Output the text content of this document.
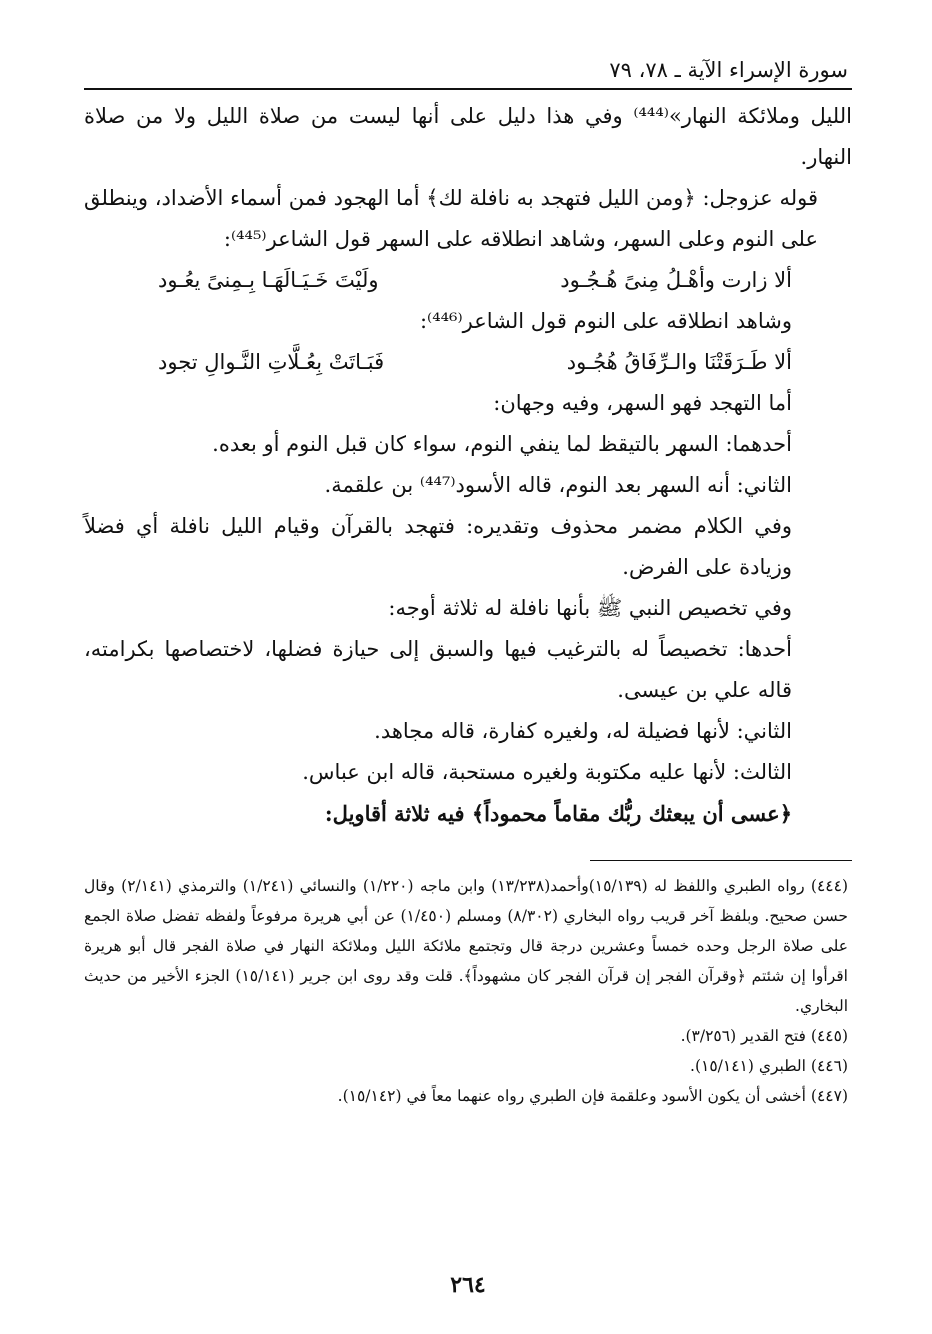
سورة الإسراء الآية ـ ٧٨، ٧٩

الليل وملائكة النهار»⁽⁴⁴⁴⁾ وفي هذا دليل على أنها ليست من صلاة الليل ولا من صلاة النهار.

قوله عزوجل: ﴿ومن الليل فتهجد به نافلة لك﴾ أما الهجود فمن أسماء الأضداد، وينطلق على النوم وعلى السهر، وشاهد انطلاقه على السهر قول الشاعر⁽⁴⁴⁵⁾:

ألا زارت وأهْـلُ مِنىً هُـجُـود
ولَيْتَ خَـيَـالَهَـا بِـمِنىً يعُـود

وشاهد انطلاقه على النوم قول الشاعر⁽⁴⁴⁶⁾:

ألا طَـرَقَتْنَا والـرِّفَاقُ هُجُـود
فَبَـاتَتْ بِعُـلَّاتِ النَّـوالِ تجود

أما التهجد فهو السهر، وفيه وجهان:

أحدهما: السهر بالتيقظ لما ينفي النوم، سواء كان قبل النوم أو بعده.

الثاني: أنه السهر بعد النوم، قاله الأسود⁽⁴⁴⁷⁾ بن علقمة.

وفي الكلام مضمر محذوف وتقديره: فتهجد بالقرآن وقيام الليل نافلة أي فضلاً وزيادة على الفرض.

وفي تخصيص النبي ﷺ بأنها نافلة له ثلاثة أوجه:

أحدها: تخصيصاً له بالترغيب فيها والسبق إلى حيازة فضلها، لاختصاصها بكرامته، قاله علي بن عيسى.

الثاني: لأنها فضيلة له، ولغيره كفارة، قاله مجاهد.

الثالث: لأنها عليه مكتوبة ولغيره مستحبة، قاله ابن عباس.

﴿عسى أن يبعثك ربُّك مقاماً محموداً﴾ فيه ثلاثة أقاويل:

(٤٤٤) رواه الطبري واللفظ له (١٥/١٣٩)وأحمد(١٣/٢٣٨) وابن ماجه (١/٢٢٠) والنسائي (١/٢٤١) والترمذي (٢/١٤١) وقال حسن صحيح. وبلفظ آخر قريب رواه البخاري (٨/٣٠٢) ومسلم (١/٤٥٠) عن أبي هريرة مرفوعاً ولفظه تفضل صلاة الجمع على صلاة الرجل وحده خمساً وعشرين درجة قال وتجتمع ملائكة الليل وملائكة النهار في صلاة الفجر قال أبو هريرة اقرأوا إن شئتم ﴿وقرآن الفجر إن قرآن الفجر كان مشهوداً﴾. قلت وقد روى ابن جرير (١٥/١٤١) الجزء الأخير من حديث البخاري.

(٤٤٥) فتح القدير (٣/٢٥٦).

(٤٤٦) الطبري (١٥/١٤١).

(٤٤٧) أخشى أن يكون الأسود وعلقمة فإن الطبري رواه عنهما معاً في (١٥/١٤٢).

٢٦٤
